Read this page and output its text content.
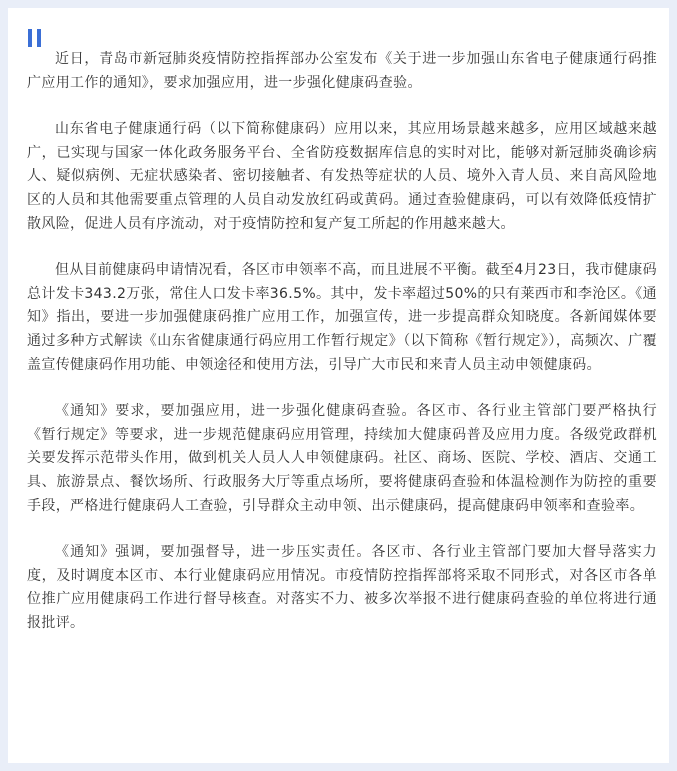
近日，青岛市新冠肺炎疫情防控指挥部办公室发布《关于进一步加强山东省电子健康通行码推广应用工作的通知》，要求加强应用，进一步强化健康码查验。

山东省电子健康通行码（以下简称健康码）应用以来，其应用场景越来越多，应用区域越来越广，已实现与国家一体化政务服务平台、全省防疫数据库信息的实时对比，能够对新冠肺炎确诊病人、疑似病例、无症状感染者、密切接触者、有发热等症状的人员、境外入青人员、来自高风险地区的人员和其他需要重点管理的人员自动发放红码或黄码。通过查验健康码，可以有效降低疫情扩散风险，促进人员有序流动，对于疫情防控和复产复工所起的作用越来越大。

但从目前健康码申请情况看，各区市申领率不高，而且进展不平衡。截至4月23日，我市健康码总计发卡343.2万张，常住人口发卡率36.5%。其中，发卡率超过50%的只有莱西市和李沧区。《通知》指出，要进一步加强健康码推广应用工作，加强宣传，进一步提高群众知晓度。各新闻媒体要通过多种方式解读《山东省健康通行码应用工作暂行规定》（以下简称《暂行规定》），高频次、广覆盖宣传健康码作用功能、申领途径和使用方法，引导广大市民和来青人员主动申领健康码。

《通知》要求，要加强应用，进一步强化健康码查验。各区市、各行业主管部门要严格执行《暂行规定》等要求，进一步规范健康码应用管理，持续加大健康码普及应用力度。各级党政群机关要发挥示范带头作用，做到机关人员人人申领健康码。社区、商场、医院、学校、酒店、交通工具、旅游景点、餐饮场所、行政服务大厅等重点场所，要将健康码查验和体温检测作为防控的重要手段，严格进行健康码人工查验，引导群众主动申领、出示健康码，提高健康码申领率和查验率。

《通知》强调，要加强督导，进一步压实责任。各区市、各行业主管部门要加大督导落实力度，及时调度本区市、本行业健康码应用情况。市疫情防控指挥部将采取不同形式，对各区市各单位推广应用健康码工作进行督导核查。对落实不力、被多次举报不进行健康码查验的单位将进行通报批评。
